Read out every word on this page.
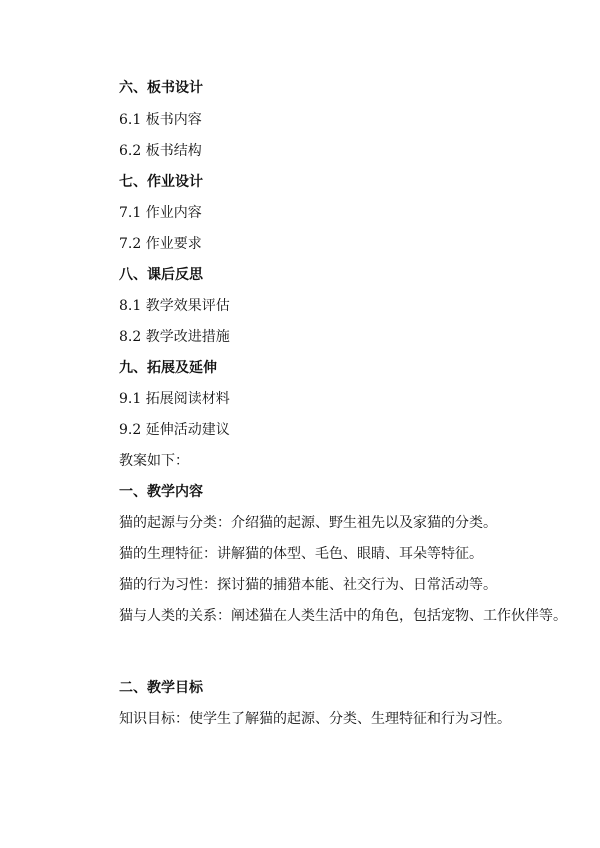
六、板书设计
6.1 板书内容
6.2 板书结构
七、作业设计
7.1 作业内容
7.2 作业要求
八、课后反思
8.1 教学效果评估
8.2 教学改进措施
九、拓展及延伸
9.1 拓展阅读材料
9.2 延伸活动建议
教案如下：
一、教学内容
猫的起源与分类：介绍猫的起源、野生祖先以及家猫的分类。
猫的生理特征：讲解猫的体型、毛色、眼睛、耳朵等特征。
猫的行为习性：探讨猫的捕猎本能、社交行为、日常活动等。
猫与人类的关系：阐述猫在人类生活中的角色，包括宠物、工作伙伴等。
二、教学目标
知识目标：使学生了解猫的起源、分类、生理特征和行为习性。
